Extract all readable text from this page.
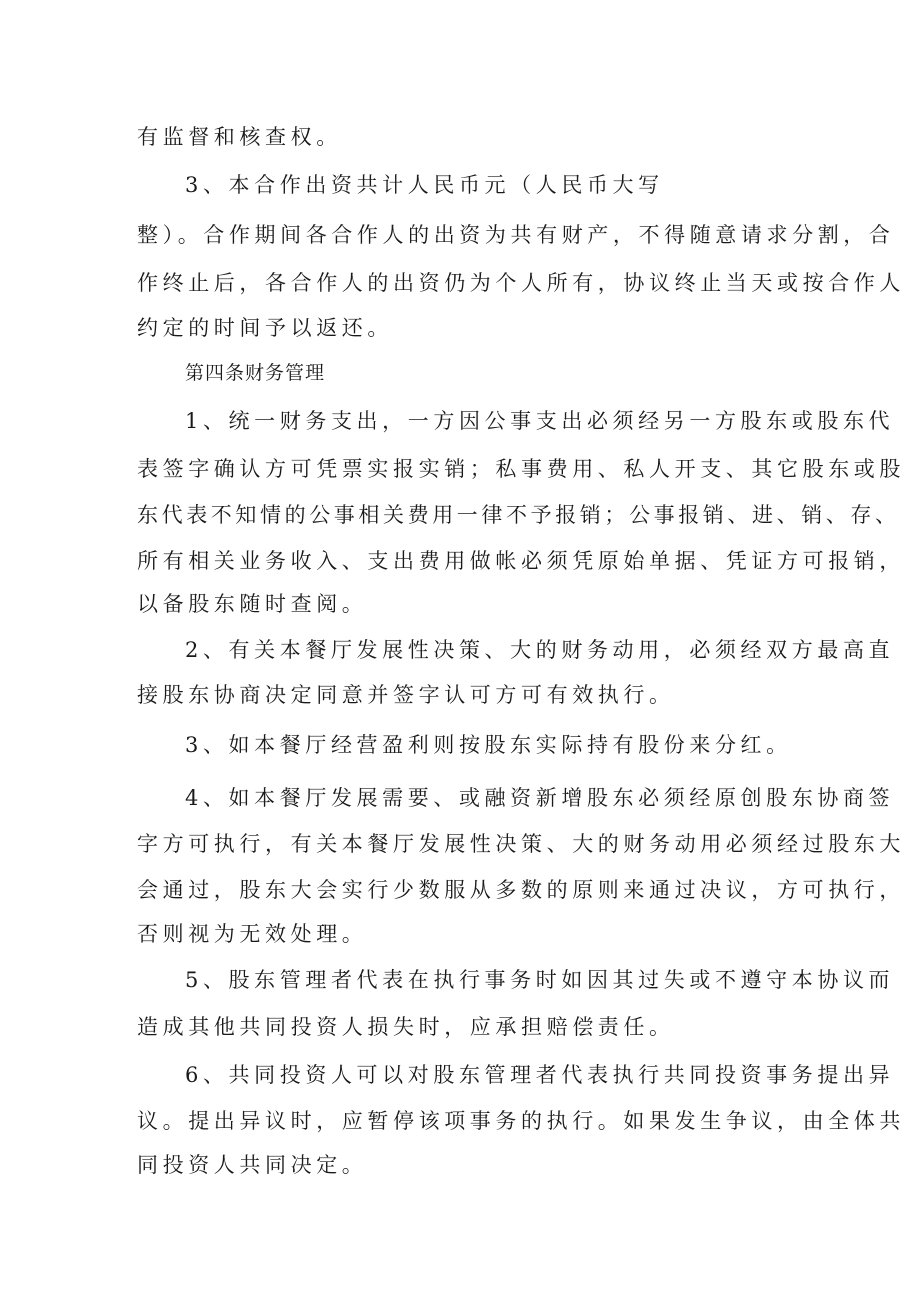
有监督和核查权。
3、本合作出资共计人民币元（人民币大写
整）。合作期间各合作人的出资为共有财产，不得随意请求分割，合
作终止后，各合作人的出资仍为个人所有，协议终止当天或按合作人
约定的时间予以返还。
第四条财务管理
1、统一财务支出，一方因公事支出必须经另一方股东或股东代
表签字确认方可凭票实报实销；私事费用、私人开支、其它股东或股
东代表不知情的公事相关费用一律不予报销；公事报销、进、销、存、
所有相关业务收入、支出费用做帐必须凭原始单据、凭证方可报销，
以备股东随时查阅。
2、有关本餐厅发展性决策、大的财务动用，必须经双方最高直
接股东协商决定同意并签字认可方可有效执行。
3、如本餐厅经营盈利则按股东实际持有股份来分红。
4、如本餐厅发展需要、或融资新增股东必须经原创股东协商签
字方可执行，有关本餐厅发展性决策、大的财务动用必须经过股东大
会通过，股东大会实行少数服从多数的原则来通过决议，方可执行，
否则视为无效处理。
5、股东管理者代表在执行事务时如因其过失或不遵守本协议而
造成其他共同投资人损失时，应承担赔偿责任。
6、共同投资人可以对股东管理者代表执行共同投资事务提出异
议。提出异议时，应暂停该项事务的执行。如果发生争议，由全体共
同投资人共同决定。
